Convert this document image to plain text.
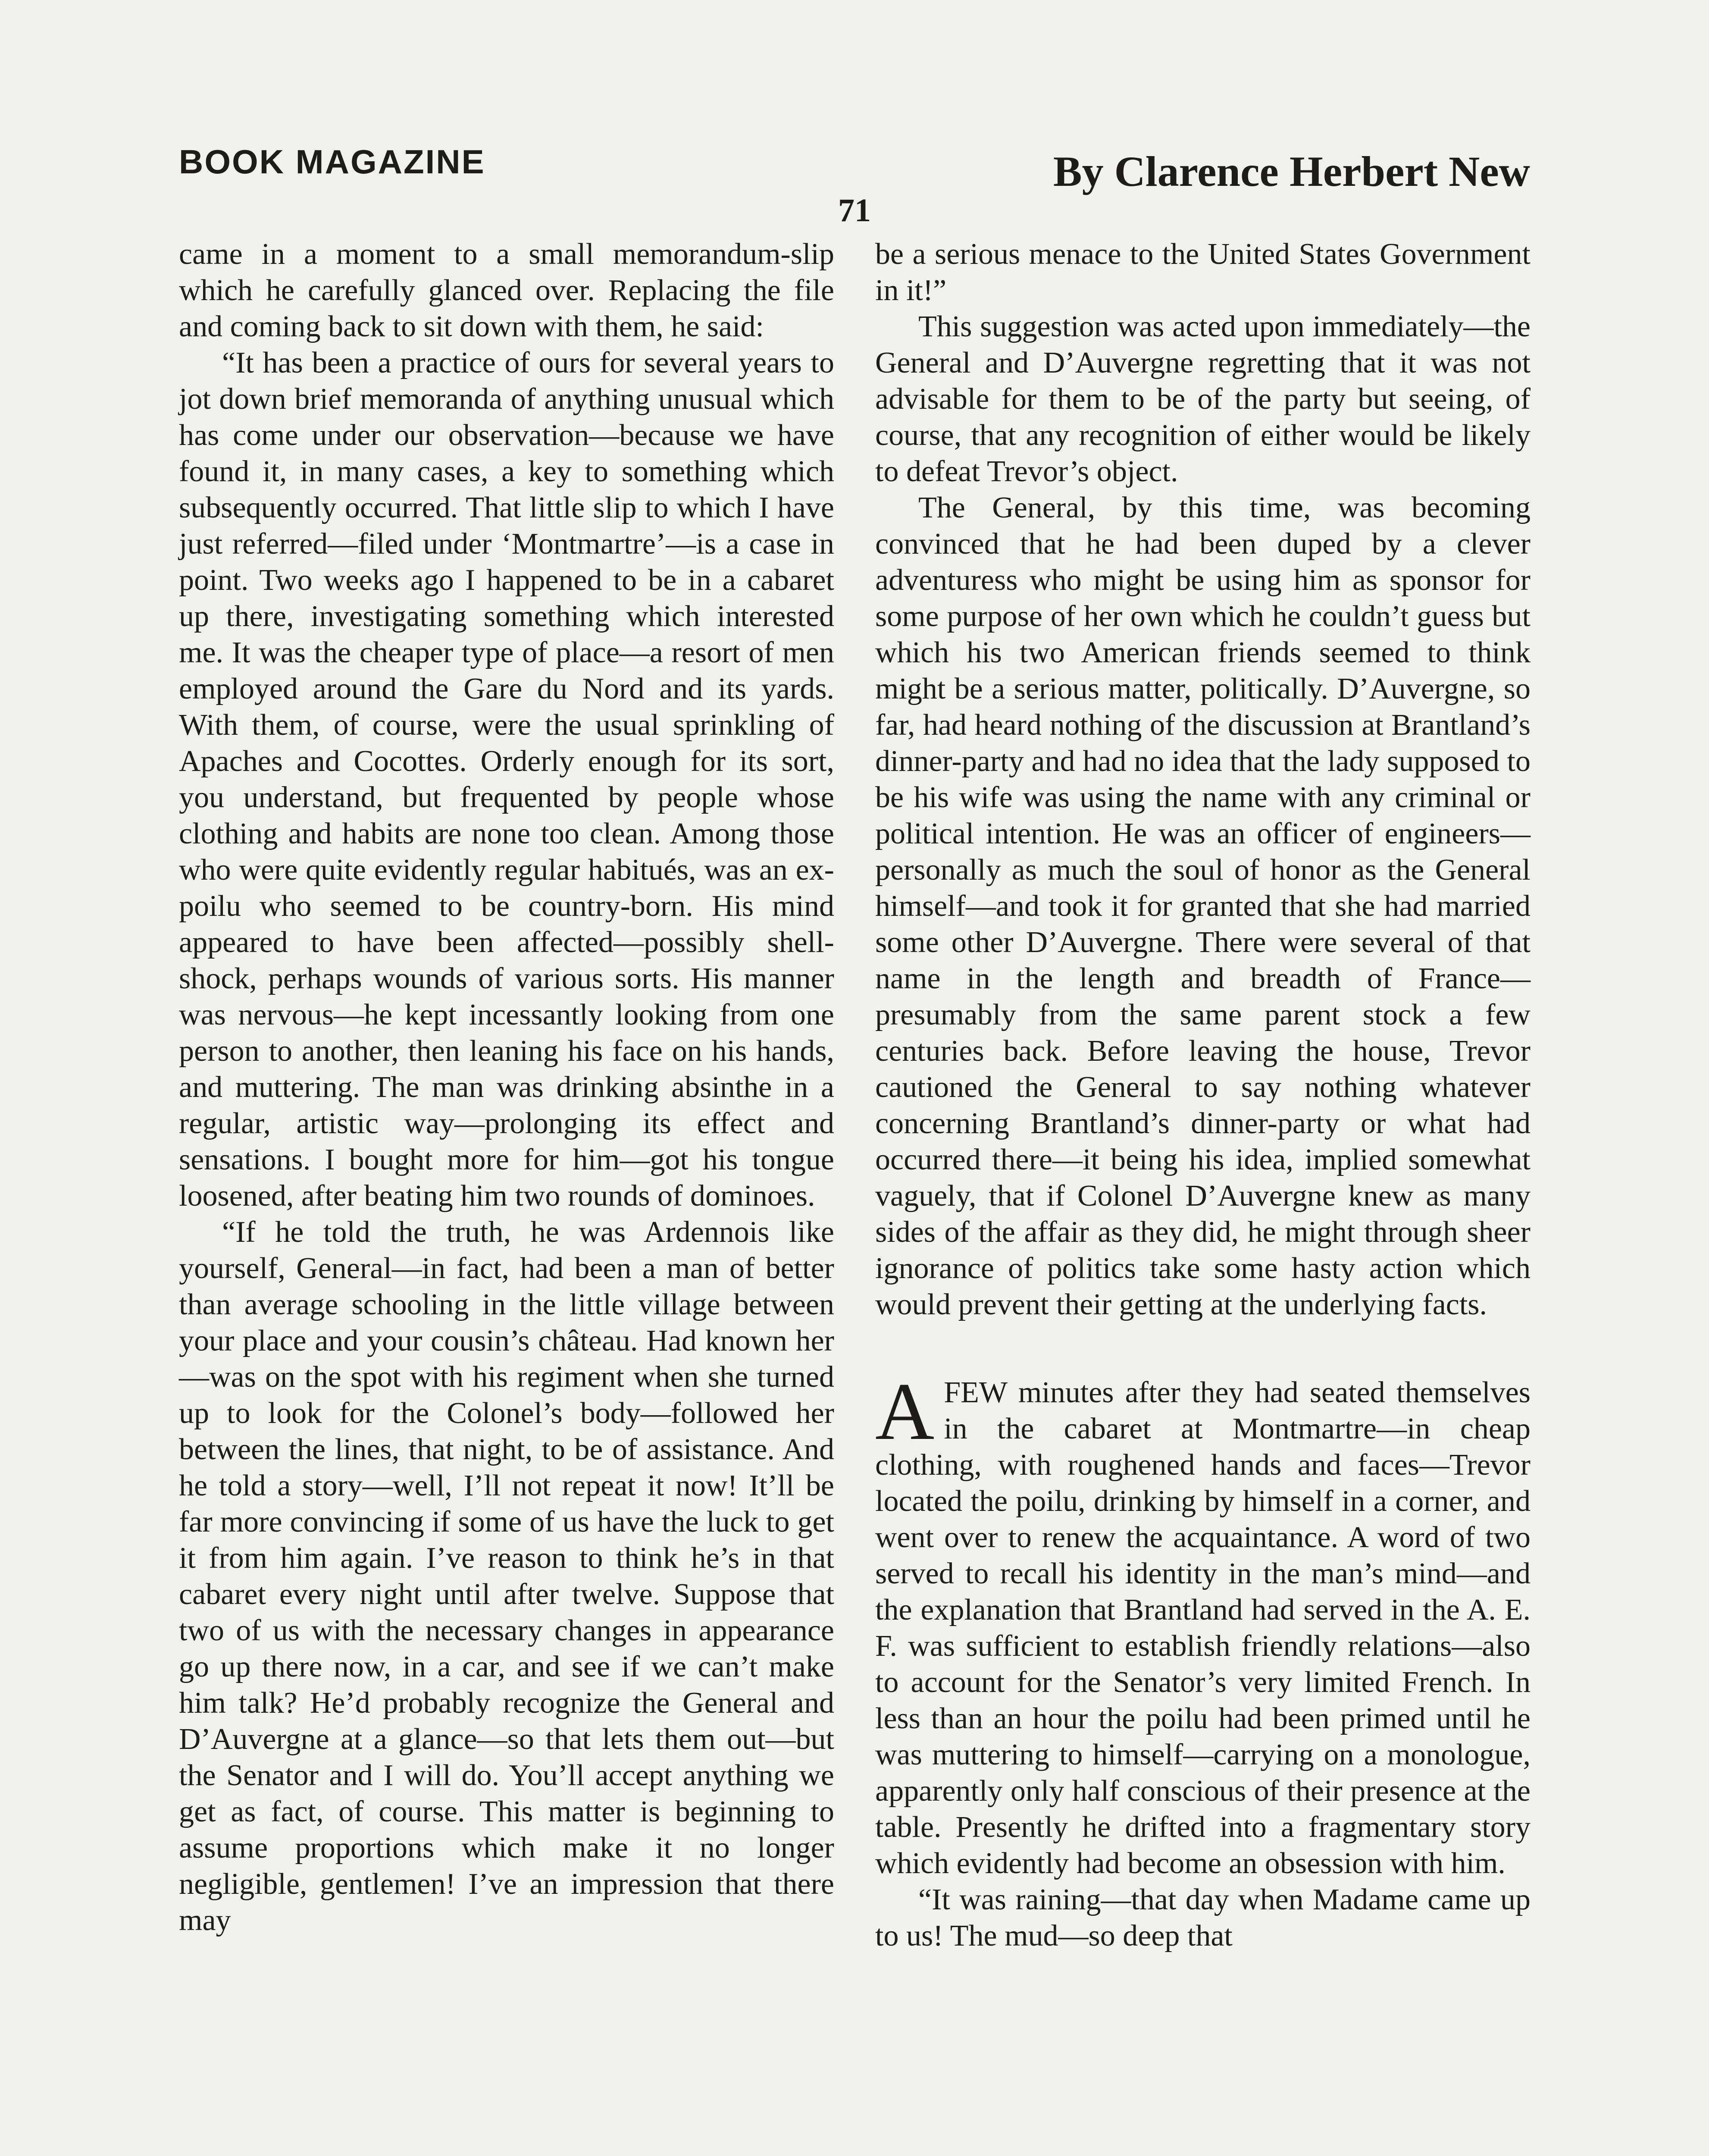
BOOK MAGAZINE	By Clarence Herbert New
71

came in a moment to a small memorandum-slip which he carefully glanced over. Replacing the file and coming back to sit down with them, he said:

“It has been a practice of ours for several years to jot down brief memoranda of anything unusual which has come under our observation—because we have found it, in many cases, a key to something which subsequently occurred. That little slip to which I have just referred—filed under ‘Montmartre’—is a case in point. Two weeks ago I happened to be in a cabaret up there, investigating something which interested me. It was the cheaper type of place—a resort of men employed around the Gare du Nord and its yards. With them, of course, were the usual sprinkling of Apaches and Cocottes. Orderly enough for its sort, you understand, but frequented by people whose clothing and habits are none too clean. Among those who were quite evidently regular habitués, was an ex-poilu who seemed to be country-born. His mind appeared to have been affected—possibly shell-shock, perhaps wounds of various sorts. His manner was nervous—he kept incessantly looking from one person to another, then leaning his face on his hands, and muttering. The man was drinking absinthe in a regular, artistic way—prolonging its effect and sensations. I bought more for him—got his tongue loosened, after beating him two rounds of dominoes.

“If he told the truth, he was Ardennois like yourself, General—in fact, had been a man of better than average schooling in the little village between your place and your cousin’s château. Had known her—was on the spot with his regiment when she turned up to look for the Colonel’s body—followed her between the lines, that night, to be of assistance. And he told a story—well, I’ll not repeat it now! It’ll be far more convincing if some of us have the luck to get it from him again. I’ve reason to think he’s in that cabaret every night until after twelve. Suppose that two of us with the necessary changes in appearance go up there now, in a car, and see if we can’t make him talk? He’d probably recognize the General and D’Auvergne at a glance—so that lets them out—but the Senator and I will do. You’ll accept anything we get as fact, of course. This matter is beginning to assume proportions which make it no longer negligible, gentlemen! I’ve an impression that there may

be a serious menace to the United States Government in it!”

This suggestion was acted upon immediately—the General and D’Auvergne regretting that it was not advisable for them to be of the party but seeing, of course, that any recognition of either would be likely to defeat Trevor’s object.

The General, by this time, was becoming convinced that he had been duped by a clever adventuress who might be using him as sponsor for some purpose of her own which he couldn’t guess but which his two American friends seemed to think might be a serious matter, politically. D’Auvergne, so far, had heard nothing of the discussion at Brantland’s dinner-party and had no idea that the lady supposed to be his wife was using the name with any criminal or political intention. He was an officer of engineers—personally as much the soul of honor as the General himself—and took it for granted that she had married some other D’Auvergne. There were several of that name in the length and breadth of France—presumably from the same parent stock a few centuries back. Before leaving the house, Trevor cautioned the General to say nothing whatever concerning Brantland’s dinner-party or what had occurred there—it being his idea, implied somewhat vaguely, that if Colonel D’Auvergne knew as many sides of the affair as they did, he might through sheer ignorance of politics take some hasty action which would prevent their getting at the underlying facts.

AFEW minutes after they had seated themselves in the cabaret at Montmartre—in cheap clothing, with roughened hands and faces—Trevor located the poilu, drinking by himself in a corner, and went over to renew the acquaintance. A word of two served to recall his identity in the man’s mind—and the explanation that Brantland had served in the A. E. F. was sufficient to establish friendly relations—also to account for the Senator’s very limited French. In less than an hour the poilu had been primed until he was muttering to himself—carrying on a monologue, apparently only half conscious of their presence at the table. Presently he drifted into a fragmentary story which evidently had become an obsession with him.

“It was raining—that day when Madame came up to us! The mud—so deep that
